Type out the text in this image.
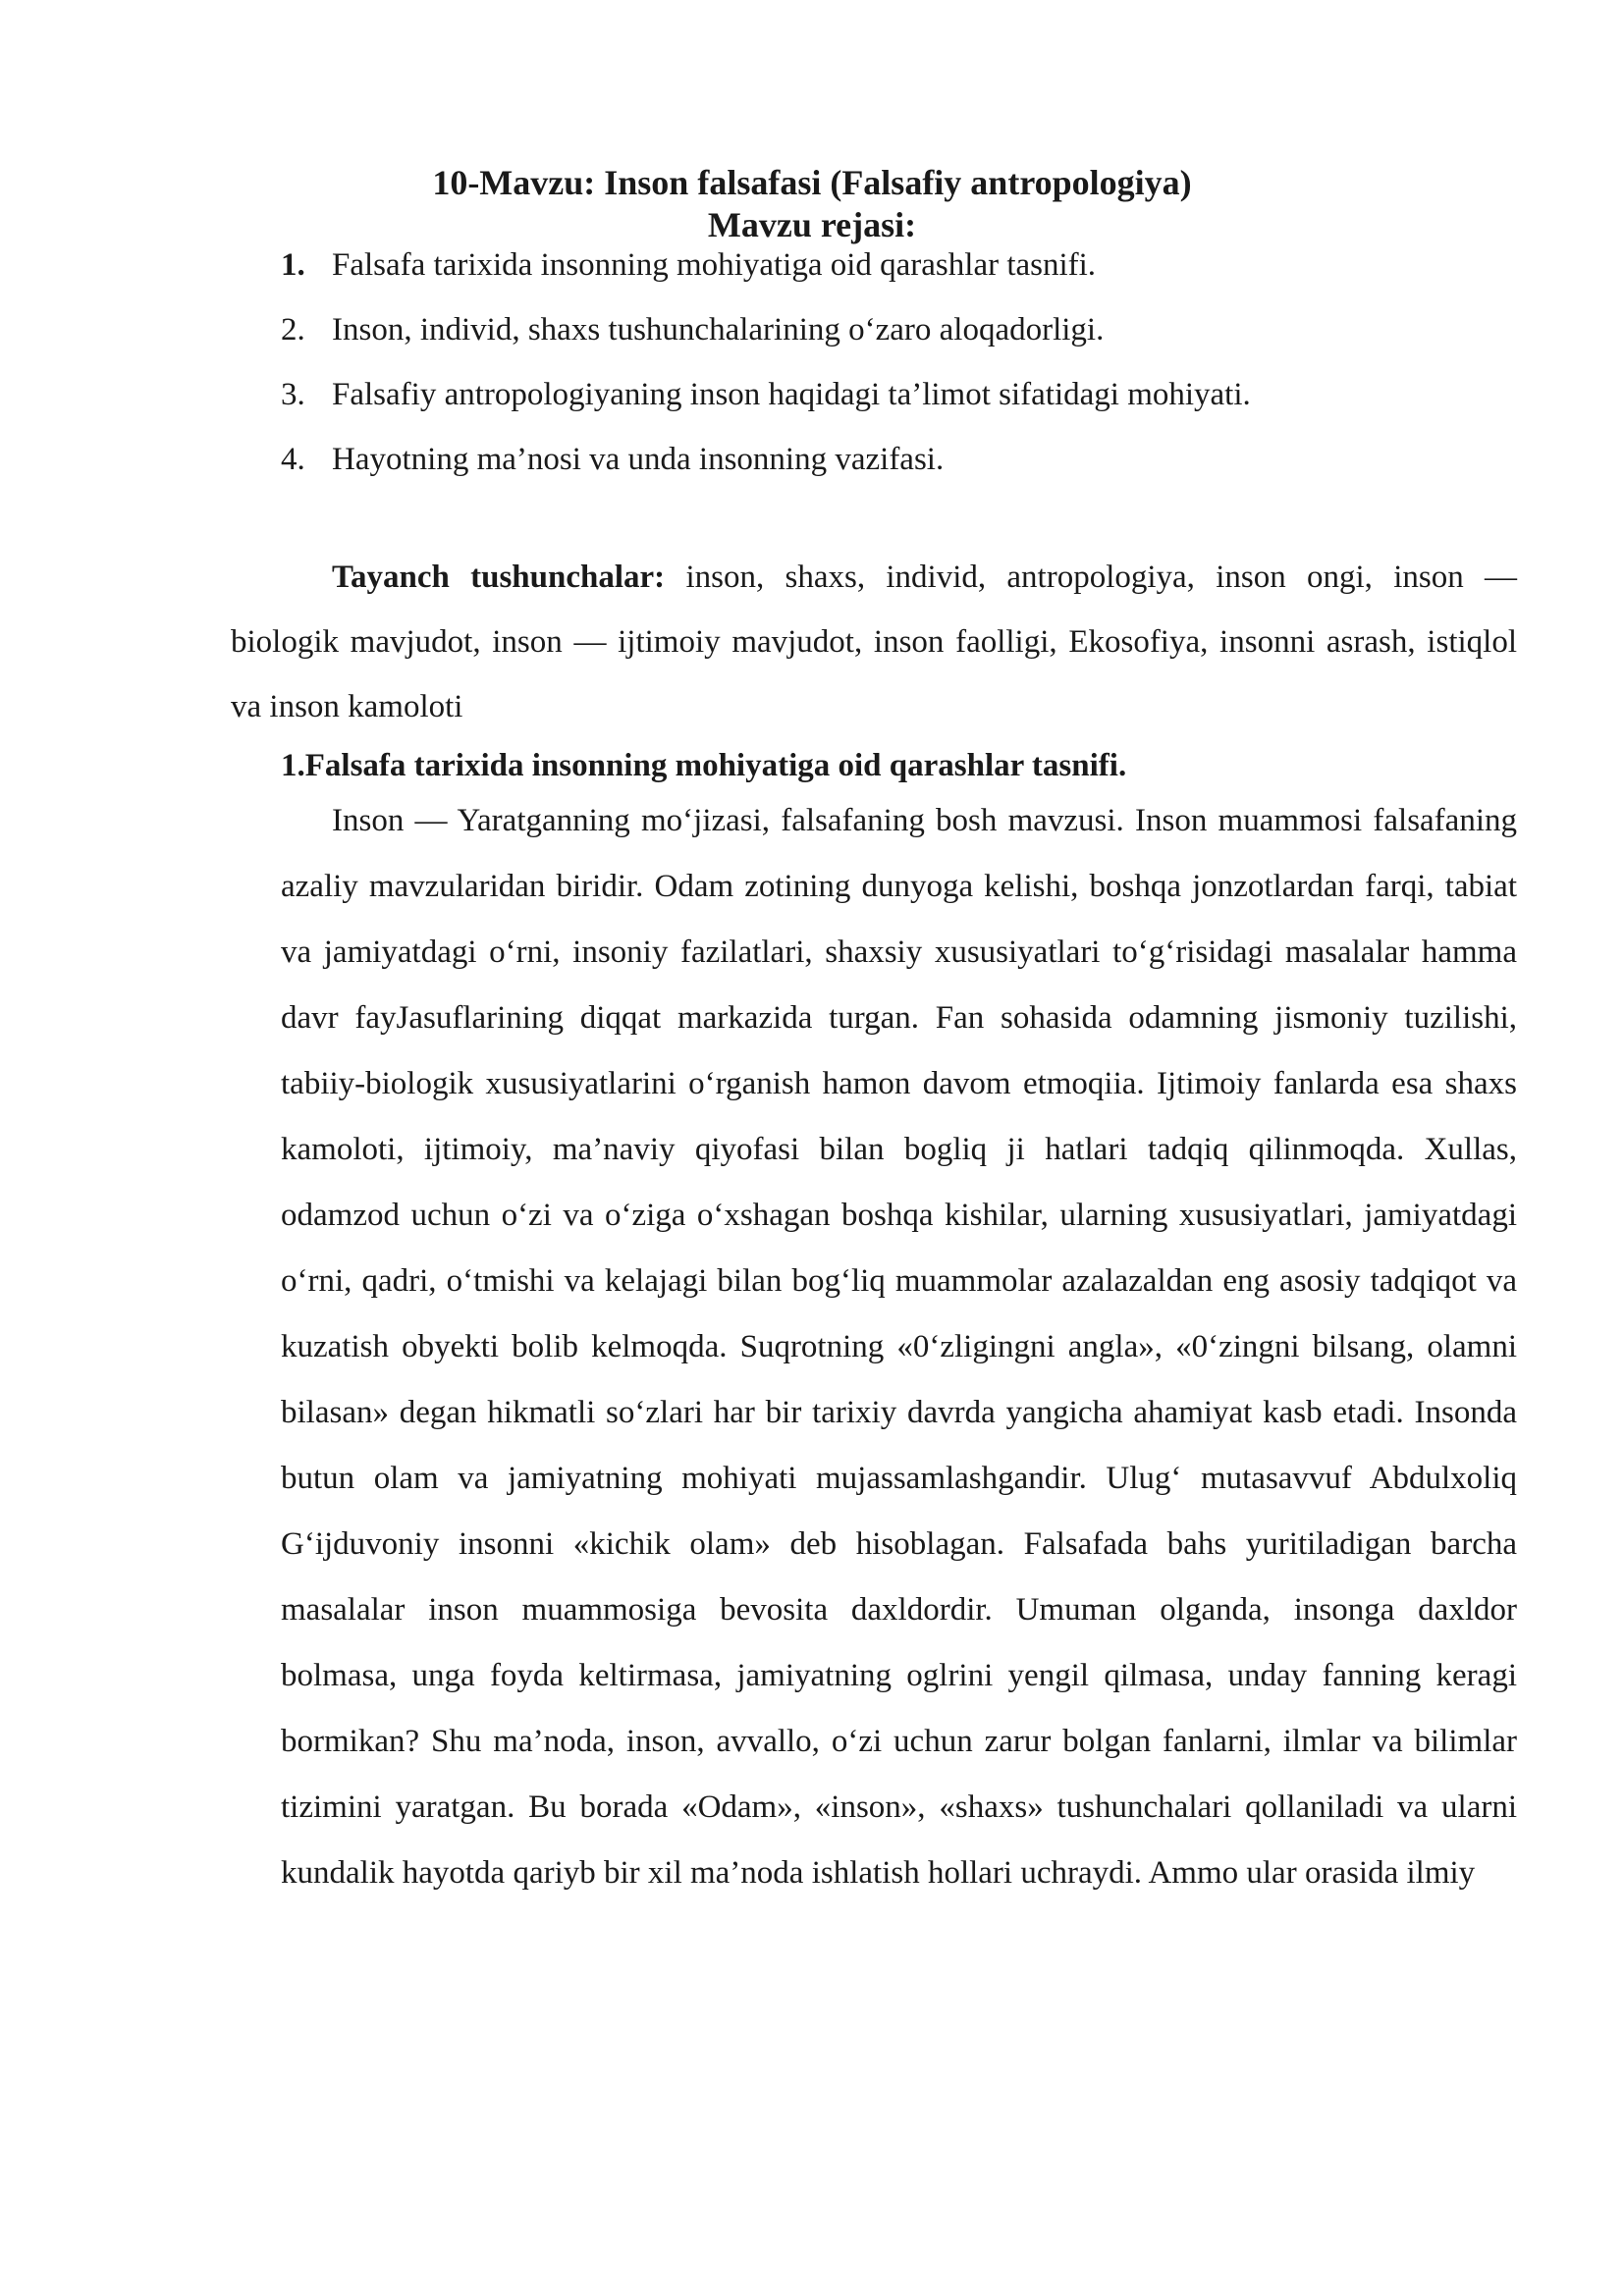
10-Mavzu: Inson falsafasi (Falsafiy antropologiya)
Mavzu rejasi:
1. Falsafa tarixida insonning mohiyatiga oid qarashlar tasnifi.
2. Inson, individ, shaxs tushunchalarining o‘zaro aloqadorligi.
3. Falsafiy antropologiyaning inson haqidagi ta’limot sifatidagi mohiyati.
4. Hayotning ma’nosi va unda insonning vazifasi.

Tayanch tushunchalar: inson, shaxs, individ, antropologiya, inson ongi, inson — biologik mavjudot, inson — ijtimoiy mavjudot, inson faolligi, Ekosofiya, insonni asrash, istiqlol va inson kamoloti

1.Falsafa tarixida insonning mohiyatiga oid qarashlar tasnifi.

Inson — Yaratganning mo‘jizasi, falsafaning bosh mavzusi. Inson muammosi falsafaning azaliy mavzularidan biridir. Odam zotining dunyoga kelishi, boshqa jonzotlardan farqi, tabiat va jamiyatdagi o‘rni, insoniy fazilatlari, shaxsiy xususiyatlari to‘g‘risidagi masalalar hamma davr fayJasuflarining diqqat markazida turgan. Fan sohasida odamning jismoniy tuzilishi, tabiiy-biologik xususiyatlarini o‘rganish hamon davom etmoqiia. Ijtimoiy fanlarda esa shaxs kamoloti, ijtimoiy, ma’naviy qiyofasi bilan bogliq ji hatlari tadqiq qilinmoqda. Xullas, odamzod uchun o‘zi va o‘ziga o‘xshagan boshqa kishilar, ularning xususiyatlari, jamiyatdagi o‘rni, qadri, o‘tmishi va kelajagi bilan bog‘liq muammolar azalazaldan eng asosiy tadqiqot va kuzatish obyekti bolib kelmoqda. Suqrotning «0‘zligingni angla», «0‘zingni bilsang, olamni bilasan» degan hikmatli so‘zlari har bir tarixiy davrda yangicha ahamiyat kasb etadi. Insonda butun olam va jamiyatning mohiyati mujassamlashgandir. Ulug‘ mutasavvuf Abdulxoliq G‘ijduvoniy insonni «kichik olam» deb hisoblagan. Falsafada bahs yuritiladigan barcha masalalar inson muammosiga bevosita daxldordir. Umuman olganda, insonga daxldor bolmasa, unga foyda keltirmasa, jamiyatning oglrini yengil qilmasa, unday fanning keragi bormikan? Shu ma’noda, inson, avvallo, o‘zi uchun zarur bolgan fanlarni, ilmlar va bilimlar tizimini yaratgan. Bu borada «Odam», «inson», «shaxs» tushunchalari qollaniladi va ularni kundalik hayotda qariyb bir xil ma’noda ishlatish hollari uchraydi. Ammo ular orasida ilmiy
